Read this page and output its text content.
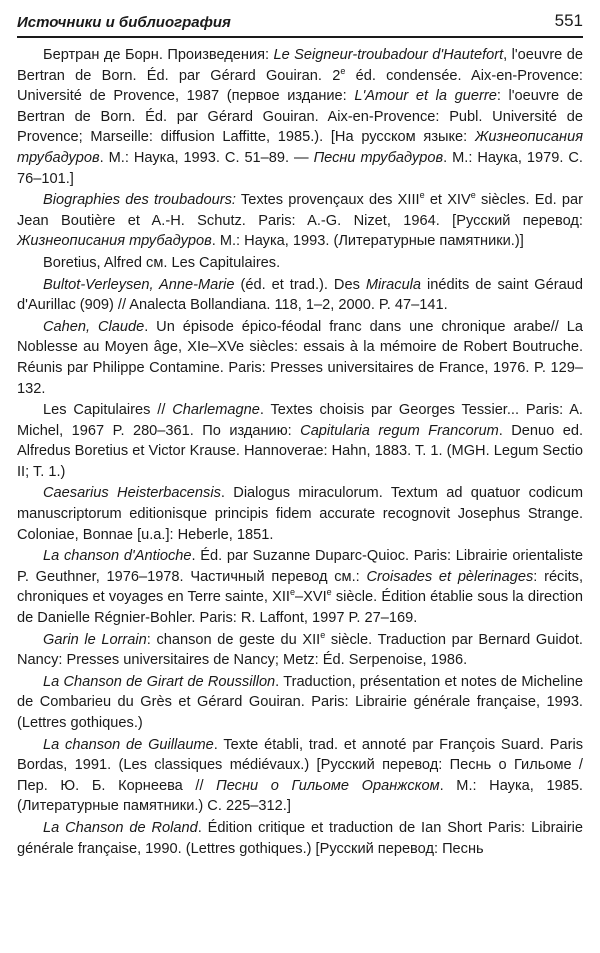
Источники и библиография	551

Бертран де Борн. Произведения: Le Seigneur-troubadour d'Hautefort, l'oeuvre de Bertran de Born. Éd. par Gérard Gouiran. 2e éd. condensée. Aix-en-Provence: Université de Provence, 1987 (первое издание: L'Amour et la guerre: l'oeuvre de Bertran de Born. Éd. par Gérard Gouiran. Aix-en-Provence: Publ. Université de Provence; Marseille: diffusion Laffitte, 1985.). [На русском языке: Жизнеописания трубадуров. М.: Наука, 1993. С. 51–89. — Песни трубадуров. М.: Наука, 1979. С. 76–101.]

Biographies des troubadours: Textes provençaux des XIIIe et XIVe siècles. Ed. par Jean Boutière et A.-H. Schutz. Paris: A.-G. Nizet, 1964. [Русский перевод: Жизнеописания трубадуров. М.: Наука, 1993. (Литературные памятники.)]

Boretius, Alfred см. Les Capitulaires.

Bultot-Verleysen, Anne-Marie (éd. et trad.). Des Miracula inédits de saint Géraud d'Aurillac (909) // Analecta Bollandiana. 118, 1–2, 2000. P. 47–141.

Cahen, Claude. Un épisode épico-féodal franc dans une chronique arabe// La Noblesse au Moyen âge, XIe–XVe siècles: essais à la mémoire de Robert Boutruche. Réunis par Philippe Contamine. Paris: Presses universitaires de France, 1976. P. 129–132.

Les Capitulaires // Charlemagne. Textes choisis par Georges Tessier... Paris: A. Michel, 1967 P. 280–361. По изданию: Capitularia regum Francorum. Denuo ed. Alfredus Boretius et Victor Krause. Hannoverae: Hahn, 1883. T. 1. (MGH. Legum Sectio II; T. 1.)

Caesarius Heisterbacensis. Dialogus miraculorum. Textum ad quatuor codicum manuscriptorum editionisque principis fidem accurate recognovit Josephus Strange. Coloniae, Bonnae [u.a.]: Heberle, 1851.

La chanson d'Antioche. Éd. par Suzanne Duparc-Quioc. Paris: Librairie orientaliste P. Geuthner, 1976–1978. Частичный перевод см.: Croisades et pèlerinages: récits, chroniques et voyages en Terre sainte, XIIe–XVIe siècle. Édition établie sous la direction de Danielle Régnier-Bohler. Paris: R. Laffont, 1997 P. 27–169.

Garin le Lorrain: chanson de geste du XIIe siècle. Traduction par Bernard Guidot. Nancy: Presses universitaires de Nancy; Metz: Éd. Serpenoise, 1986.

La Chanson de Girart de Roussillon. Traduction, présentation et notes de Micheline de Combarieu du Grès et Gérard Gouiran. Paris: Librairie générale française, 1993. (Lettres gothiques.)

La chanson de Guillaume. Texte établi, trad. et annoté par François Suard. Paris Bordas, 1991. (Les classiques médiévaux.) [Русский перевод: Песнь о Гильоме / Пер. Ю. Б. Корнеева // Песни о Гильоме Оранжском. М.: Наука, 1985. (Литературные памятники.) С. 225–312.]

La Chanson de Roland. Édition critique et traduction de Ian Short Paris: Librairie générale française, 1990. (Lettres gothiques.) [Русский перевод: Песнь
